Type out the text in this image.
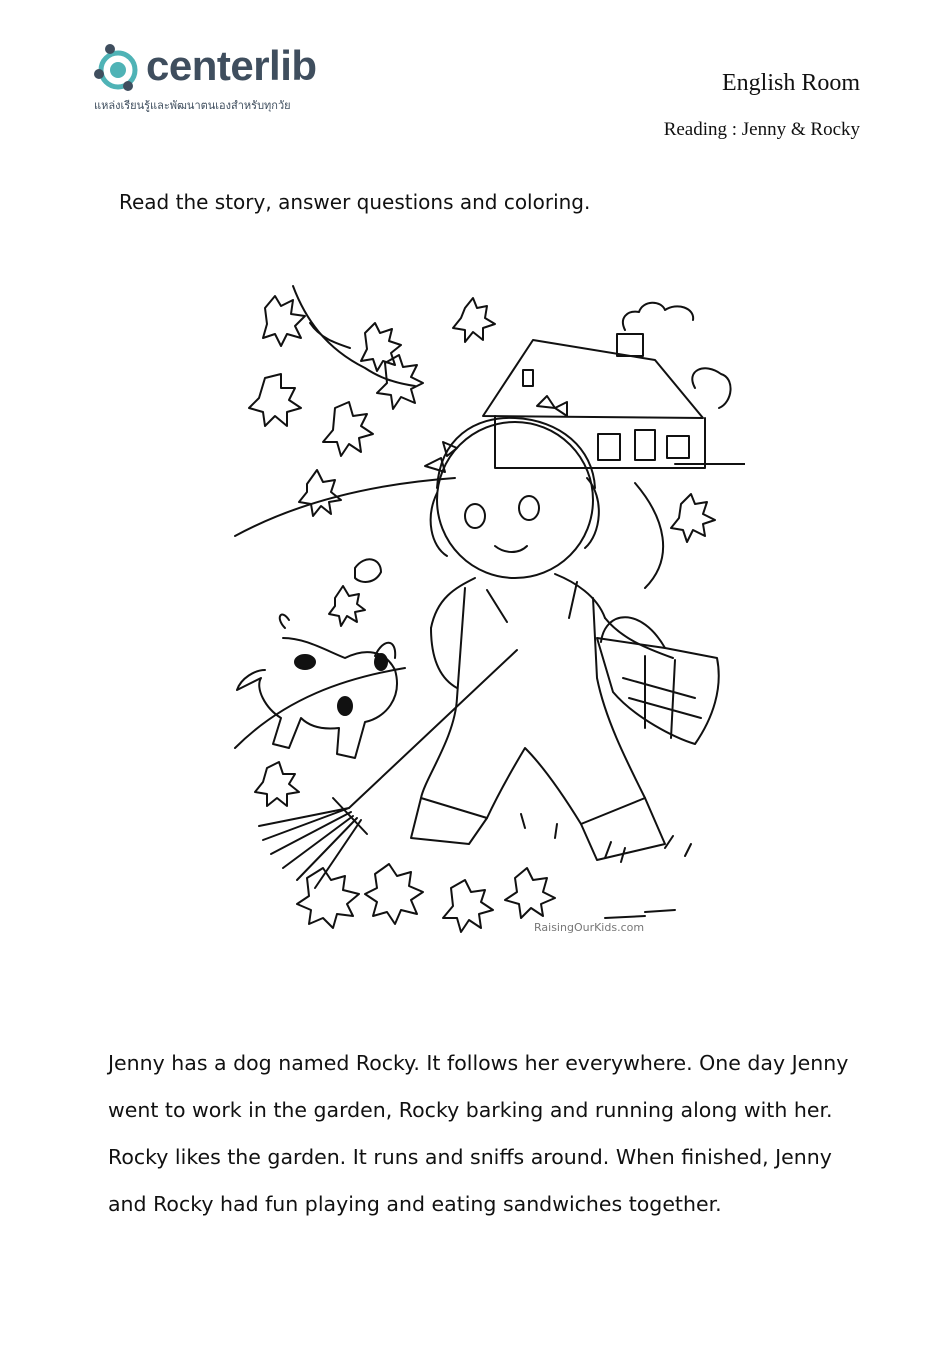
centerlib
แหล่งเรียนรู้และพัฒนาตนเองสำหรับทุกวัย
English Room
Reading : Jenny & Rocky
Read the story, answer questions and coloring.
RaisingOurKids.com
Jenny has a dog named Rocky. It follows her everywhere. One day Jenny
went to work in the garden, Rocky barking and running along with her.
Rocky likes the garden. It runs and sniffs around. When finished, Jenny
and Rocky had fun playing and eating sandwiches together.
